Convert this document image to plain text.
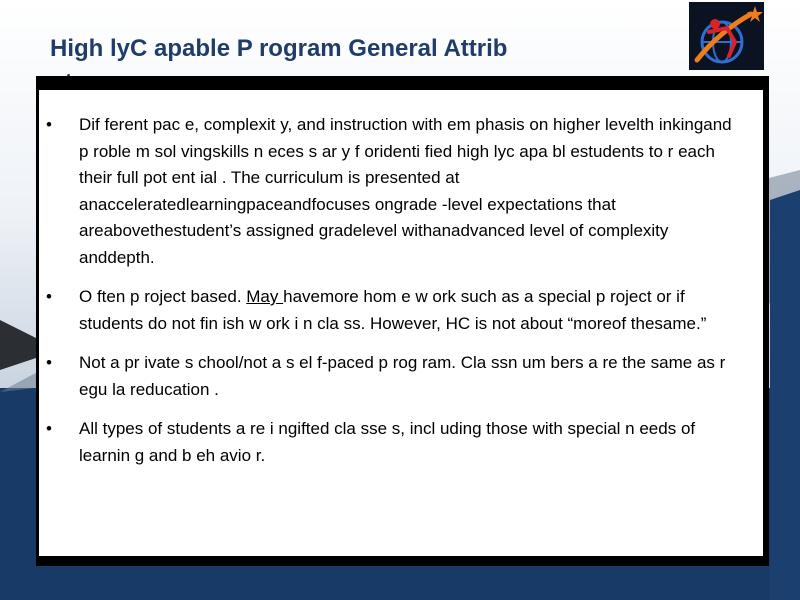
High lyC apable P rogram General Attrib
• Dif ferent pac e, complexit y, and instruction with em phasis on higher levelth inkingand p roble m sol vingskills n eces s ar y f oridenti fied high lyc apa bl estudents to r each their full pot ent ial . The curriculum is presented at anacceleratedlearningpaceandfocuses ongrade -level expectations that areabovethestudent’s assigned gradelevel withanadvanced level of complexity anddepth.
• O ften p roject based. May havemore hom e w ork such as a special p roject or if students do not fin ish w ork i n cla ss. However, HC is not about “moreof thesame.”
• Not a pr ivate s chool/not a s el f-paced p rog ram. Cla ssn um bers a re the same as r egu la reducation .
• All types of students a re i ngifted cla sse s, incl uding those with special n eeds of learnin g and b eh avio r.
